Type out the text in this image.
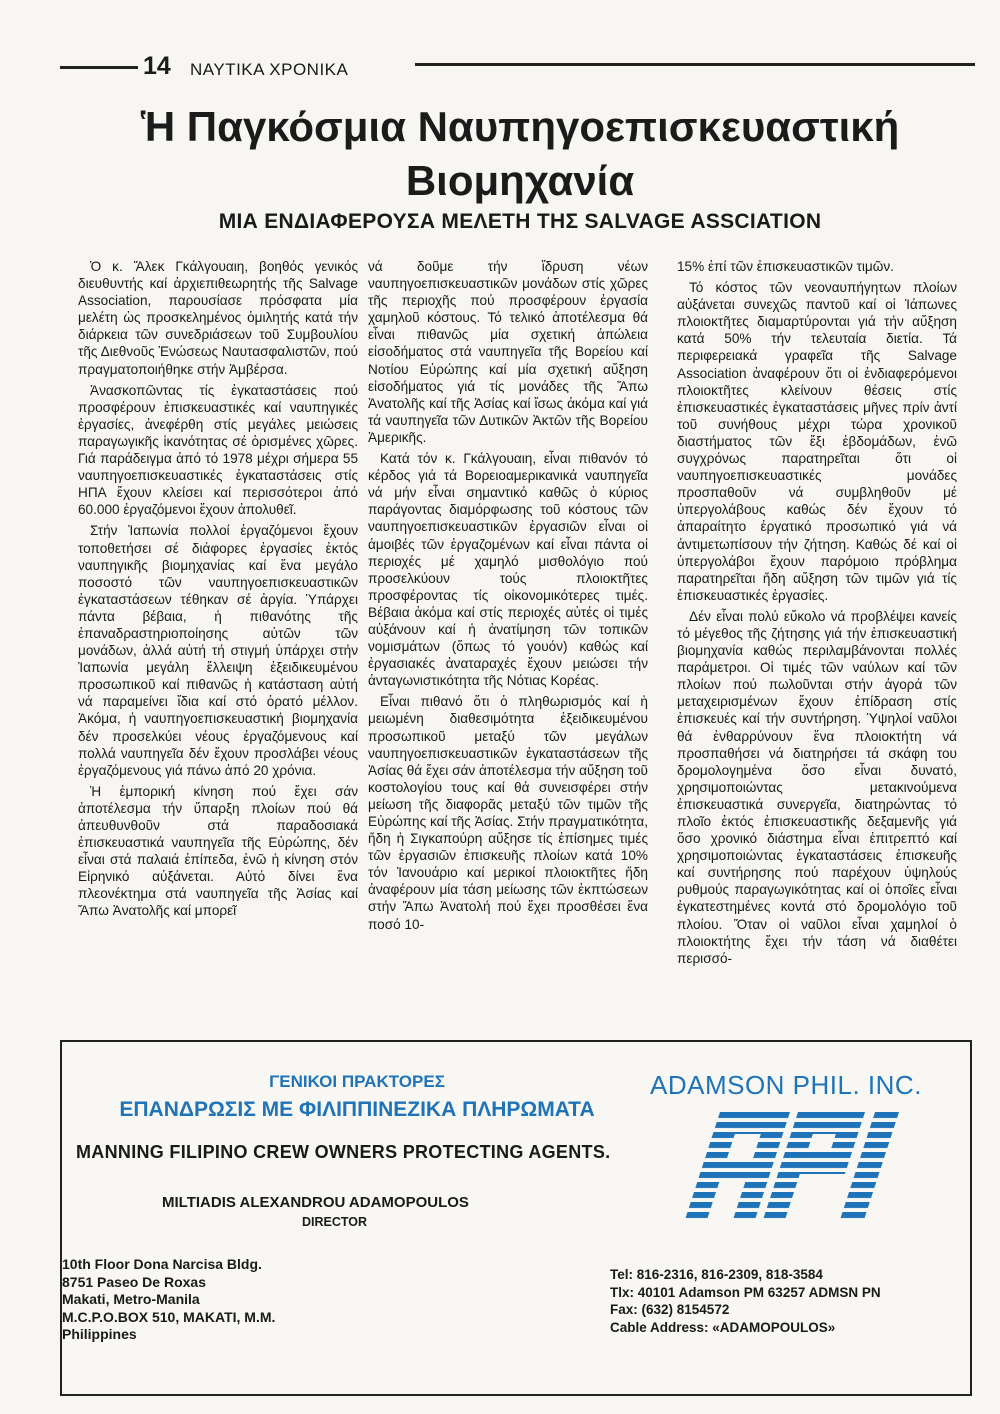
14 ΝΑΥΤΙΚΑ ΧΡΟΝΙΚΑ
Ἡ Παγκόσμια Ναυπηγοεπισκευαστική
Βιομηχανία
ΜΙΑ ΕΝΔΙΑΦΕΡΟΥΣΑ ΜΕΛΕΤΗ ΤΗΣ SALVAGE ASSCIATION

Ὁ κ. Ἄλεκ Γκάλγουαιη, βοηθός γενικός διευθυντής καί ἀρχιεπιθεωρητής τῆς Salvage Association, παρουσίασε πρόσφατα μία μελέτη ὡς προσκελημένος ὁμιλητής κατά τήν διάρκεια τῶν συνεδριάσεων τοῦ Συμβουλίου τῆς Διεθνοῦς Ἑνώσεως Ναυτασφαλιστῶν, πού πραγματοποιήθηκε στήν Ἀμβέρσα.

Ἀνασκοπῶντας τίς ἐγκαταστάσεις πού προσφέρουν ἐπισκευαστικές καί ναυπηγικές ἐργασίες, ἀνεφέρθη στίς μεγάλες μειώσεις παραγωγικῆς ἱκανότητας σέ ὁρισμένες χῶρες. Γιά παράδειγμα ἀπό τό 1978 μέχρι σήμερα 55 ναυπηγοεπισκευαστικές ἐγκαταστάσεις στίς ΗΠΑ ἔχουν κλείσει καί περισσότεροι ἀπό 60.000 ἐργαζόμενοι ἔχουν ἀπολυθεῖ.

Στήν Ἰαπωνία πολλοί ἐργαζόμενοι ἔχουν τοποθετήσει σέ διάφορες ἐργασίες ἐκτός ναυπηγικῆς βιομηχανίας καί ἕνα μεγάλο ποσοστό τῶν ναυπηγοεπισκευαστικῶν ἐγκαταστάσεων τέθηκαν σέ ἀργία. Ὑπάρχει πάντα βέβαια, ἡ πιθανότης τῆς ἐπαναδραστηριοποίησης αὐτῶν τῶν μονάδων, ἀλλά αὐτή τή στιγμή ὑπάρχει στήν Ἰαπωνία μεγάλη ἔλλειψη ἐξειδικευμένου προσωπικοῦ καί πιθανῶς ἡ κατάσταση αὐτή νά παραμείνει ἴδια καί στό ὁρατό μέλλον. Ἀκόμα, ἡ ναυπηγοεπισκευαστική βιομηχανία δέν προσελκύει νέους ἐργαζόμενους καί πολλά ναυπηγεῖα δέν ἔχουν προσλάβει νέους ἐργαζόμενους γιά πάνω ἀπό 20 χρόνια.

Ἡ ἐμπορική κίνηση πού ἔχει σάν ἀποτέλεσμα τήν ὕπαρξη πλοίων πού θά ἀπευθυνθοῦν στά παραδοσιακά ἐπισκευαστικά ναυπηγεῖα τῆς Εὐρώπης, δέν εἶναι στά παλαιά ἐπίπεδα, ἐνῶ ἡ κίνηση στόν Εἰρηνικό αὐξάνεται. Αὐτό δίνει ἕνα πλεονέκτημα στά ναυπηγεῖα τῆς Ἀσίας καί Ἄπω Ἀνατολῆς καί μπορεῖ

νά δοῦμε τήν ἵδρυση νέων ναυπηγοεπισκευαστικῶν μονάδων στίς χῶρες τῆς περιοχῆς πού προσφέρουν ἐργασία χαμηλοῦ κόστους. Τό τελικό ἀποτέλεσμα θά εἶναι πιθανῶς μία σχετική ἀπώλεια εἰσοδήματος στά ναυπηγεῖα τῆς Βορείου καί Νοτίου Εὐρώπης καί μία σχετική αὔξηση εἰσοδήματος γιά τίς μονάδες τῆς Ἄπω Ἀνατολῆς καί τῆς Ἀσίας καί ἴσως ἀκόμα καί γιά τά ναυπηγεῖα τῶν Δυτικῶν Ἀκτῶν τῆς Βορείου Ἀμερικῆς.

Κατά τόν κ. Γκάλγουαιη, εἶναι πιθανόν τό κέρδος γιά τά Βορειοαμερικανικά ναυπηγεῖα νά μήν εἶναι σημαντικό καθῶς ὁ κύριος παράγοντας διαμόρφωσης τοῦ κόστους τῶν ναυπηγοεπισκευαστικῶν ἐργασιῶν εἶναι οἱ ἀμοιβές τῶν ἐργαζομένων καί εἶναι πάντα οἱ περιοχές μέ χαμηλό μισθολόγιο πού προσελκύουν τούς πλοιοκτῆτες προσφέροντας τίς οἰκονομικότερες τιμές. Βέβαια ἀκόμα καί στίς περιοχές αὐτές οἱ τιμές αὐξάνουν καί ἡ ἀνατίμηση τῶν τοπικῶν νομισμάτων (ὅπως τό γουόν) καθώς καί ἐργασιακές ἀναταραχές ἔχουν μειώσει τήν ἀνταγωνιστικότητα τῆς Νότιας Κορέας.

Εἶναι πιθανό ὅτι ὁ πληθωρισμός καί ἡ μειωμένη διαθεσιμότητα ἐξειδικευμένου προσωπικοῦ μεταξύ τῶν μεγάλων ναυπηγοεπισκευαστικῶν ἐγκαταστάσεων τῆς Ἀσίας θά ἔχει σάν ἀποτέλεσμα τήν αὔξηση τοῦ κοστολογίου τους καί θά συνεισφέρει στήν μείωση τῆς διαφορᾶς μεταξύ τῶν τιμῶν τῆς Εὐρώπης καί τῆς Ἀσίας. Στήν πραγματικότητα, ἤδη ἡ Σιγκαπούρη αὔξησε τίς ἐπίσημες τιμές τῶν ἐργασιῶν ἐπισκευῆς πλοίων κατά 10% τόν Ἰανουάριο καί μερικοί πλοιοκτῆτες ἤδη ἀναφέρουν μία τάση μείωσης τῶν ἐκπτώσεων στήν Ἄπω Ἀνατολή πού ἔχει προσθέσει ἕνα ποσό 10-

15% ἐπί τῶν ἐπισκευαστικῶν τιμῶν.

Τό κόστος τῶν νεοναυπήγητων πλοίων αὐξάνεται συνεχῶς παντοῦ καί οἱ Ἰάπωνες πλοιοκτῆτες διαμαρτύρονται γιά τήν αὔξηση κατά 50% τήν τελευταία διετία. Τά περιφερειακά γραφεῖα τῆς Salvage Association ἀναφέρουν ὅτι οἱ ἐνδιαφερόμενοι πλοιοκτῆτες κλείνουν θέσεις στίς ἐπισκευαστικές ἐγκαταστάσεις μῆνες πρίν ἀντί τοῦ συνήθους μέχρι τώρα χρονικοῦ διαστήματος τῶν ἔξι ἑβδομάδων, ἐνῶ συγχρόνως παρατηρεῖται ὅτι οἱ ναυπηγοεπισκευαστικές μονάδες προσπαθοῦν νά συμβληθοῦν μέ ὑπεργολάβους καθώς δέν ἔχουν τό ἀπαραίτητο ἐργατικό προσωπικό γιά νά ἀντιμετωπίσουν τήν ζήτηση. Καθώς δέ καί οἱ ὑπεργολάβοι ἔχουν παρόμοιο πρόβλημα παρατηρεῖται ἤδη αὔξηση τῶν τιμῶν γιά τίς ἐπισκευαστικές ἐργασίες.

Δέν εἶναι πολύ εὔκολο νά προβλέψει κανείς τό μέγεθος τῆς ζήτησης γιά τήν ἐπισκευαστική βιομηχανία καθώς περιλαμβάνονται πολλές παράμετροι. Οἱ τιμές τῶν ναύλων καί τῶν πλοίων πού πωλοῦνται στήν ἀγορά τῶν μεταχειρισμένων ἔχουν ἐπίδραση στίς ἐπισκευές καί τήν συντήρηση. Ὑψηλοί ναῦλοι θά ἐνθαρρύνουν ἕνα πλοιοκτήτη νά προσπαθήσει νά διατηρήσει τά σκάφη του δρομολογημένα ὅσο εἶναι δυνατό, χρησιμοποιώντας μετακινούμενα ἐπισκευαστικά συνεργεῖα, διατηρώντας τό πλοῖο ἐκτός ἐπισκευαστικῆς δεξαμενῆς γιά ὅσο χρονικό διάστημα εἶναι ἐπιτρεπτό καί χρησιμοποιώντας ἐγκαταστάσεις ἐπισκευῆς καί συντήρησης πού παρέχουν ὑψηλούς ρυθμούς παραγωγικότητας καί οἱ ὁποῖες εἶναι ἐγκατεστημένες κοντά στό δρομολόγιο τοῦ πλοίου. Ὅταν οἱ ναῦλοι εἶναι χαμηλοί ὁ πλοιοκτήτης ἔχει τήν τάση νά διαθέτει περισσό-

ΓΕΝΙΚΟΙ ΠΡΑΚΤΟΡΕΣ
ΕΠΑΝΔΡΩΣΙΣ ΜΕ ΦΙΛΙΠΠΙΝΕΖΙΚΑ ΠΛΗΡΩΜΑΤΑ
ADAMSON PHIL. INC.
MANNING FILIPINO CREW OWNERS PROTECTING AGENTS.
MILTIADIS ALEXANDROU ADAMOPOULOS
DIRECTOR
10th Floor Dona Narcisa Bldg.
8751 Paseo De Roxas
Makati, Metro-Manila
M.C.P.O.BOX 510, MAKATI, M.M.
Philippines
Tel: 816-2316, 816-2309, 818-3584
Tlx: 40101 Adamson PM 63257 ADMSN PN
Fax: (632) 8154572
Cable Address: «ADAMOPOULOS»
